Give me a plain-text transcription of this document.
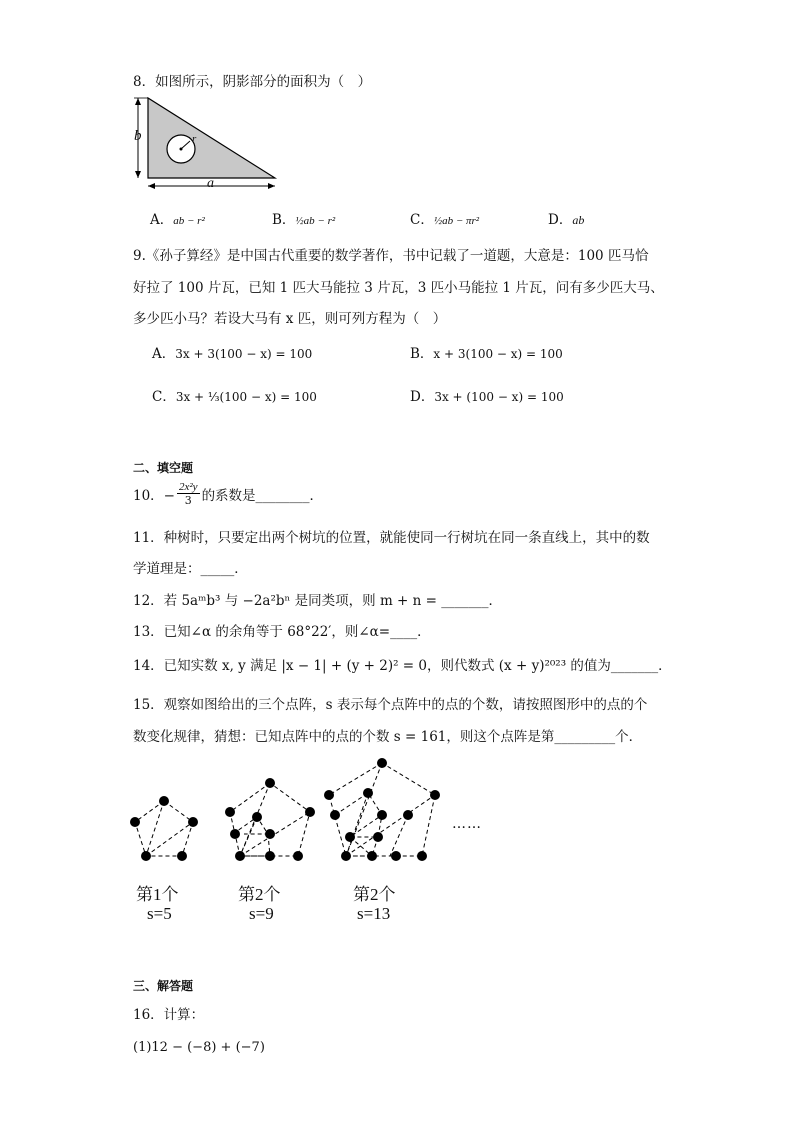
8．如图所示，阴影部分的面积为（　）
b
a
r
A．ab − r²	B．½ab − r²	C．½ab − πr²	D．ab
9.《孙子算经》是中国古代重要的数学著作，书中记载了一道题，大意是：100 匹马恰
好拉了 100 片瓦，已知 1 匹大马能拉 3 片瓦，3 匹小马能拉 1 片瓦，问有多少匹大马、
多少匹小马？若设大马有 x 匹，则可列方程为（　）
A．3x + 3(100 − x) = 100	B．x + 3(100 − x) = 100
C．3x + ⅓(100 − x) = 100	D．3x + (100 − x) = 100
二、填空题
10．− $\frac{\text{2x²y}}{3}$ 的系数是________．
11．种树时，只要定出两个树坑的位置，就能使同一行树坑在同一条直线上，其中的数
学道理是：_____．
12．若 5aᵐb³ 与 −2a²bⁿ 是同类项，则 m + n = _______．
13．已知∠α 的余角等于 68°22′，则∠α=____．
14．已知实数 x, y 满足 |x − 1| + (y + 2)² = 0，则代数式 (x + y)²⁰²³ 的值为_______．
15．观察如图给出的三个点阵，s 表示每个点阵中的点的个数，请按照图形中的点的个
数变化规律，猜想：已知点阵中的点的个数 s = 161，则这个点阵是第_________个．
……
第1个
s=5
第2个
s=9
第2个
s=13
三、解答题
16．计算：
(1)12 − (−8) + (−7)
